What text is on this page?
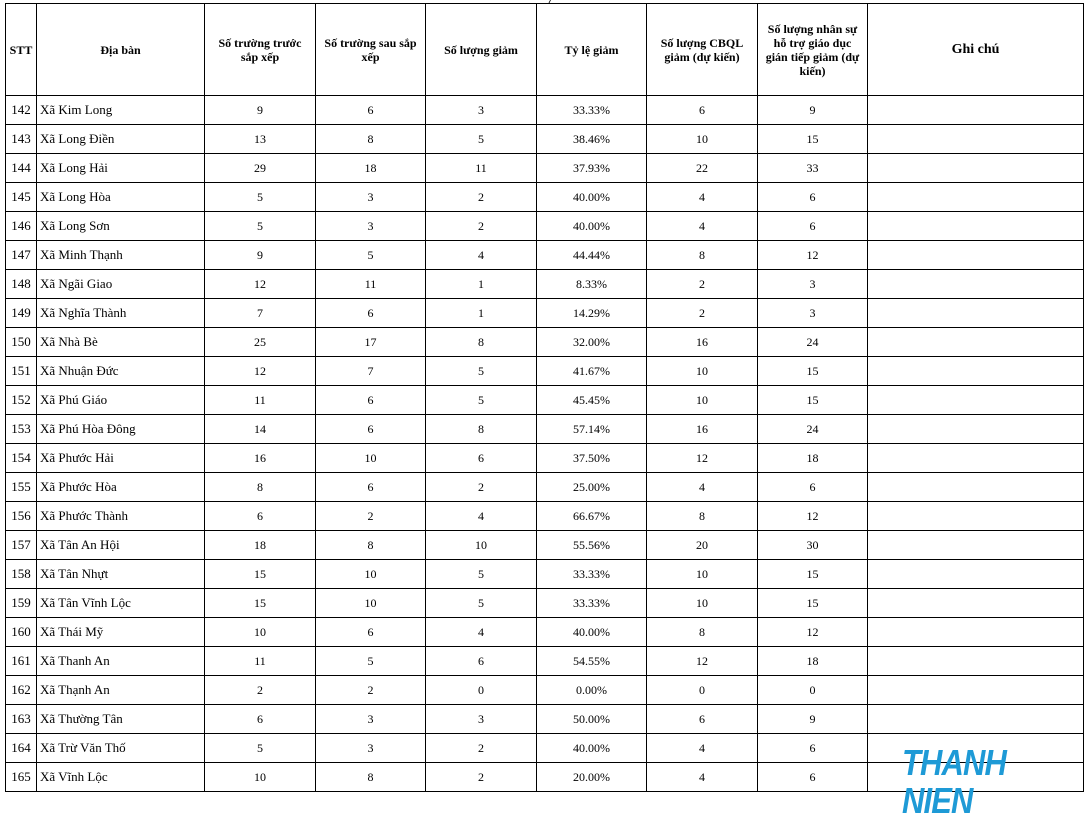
STT	Địa bàn	Số trường trước sắp xếp	Số trường sau sắp xếp	Số lượng giảm	Tỷ lệ giảm	Số lượng CBQL giảm (dự kiến)	Số lượng nhân sự hỗ trợ giáo dục gián tiếp giảm (dự kiến)	Ghi chú

142	Xã Kim Long	9	6	3	33.33%	6	9	
143	Xã Long Điền	13	8	5	38.46%	10	15	
144	Xã Long Hải	29	18	11	37.93%	22	33	
145	Xã Long Hòa	5	3	2	40.00%	4	6	
146	Xã Long Sơn	5	3	2	40.00%	4	6	
147	Xã Minh Thạnh	9	5	4	44.44%	8	12	
148	Xã Ngãi Giao	12	11	1	8.33%	2	3	
149	Xã Nghĩa Thành	7	6	1	14.29%	2	3	
150	Xã Nhà Bè	25	17	8	32.00%	16	24	
151	Xã Nhuận Đức	12	7	5	41.67%	10	15	
152	Xã Phú Giáo	11	6	5	45.45%	10	15	
153	Xã Phú Hòa Đông	14	6	8	57.14%	16	24	
154	Xã Phước Hải	16	10	6	37.50%	12	18	
155	Xã Phước Hòa	8	6	2	25.00%	4	6	
156	Xã Phước Thành	6	2	4	66.67%	8	12	
157	Xã Tân An Hội	18	8	10	55.56%	20	30	
158	Xã Tân Nhựt	15	10	5	33.33%	10	15	
159	Xã Tân Vĩnh Lộc	15	10	5	33.33%	10	15	
160	Xã Thái Mỹ	10	6	4	40.00%	8	12	
161	Xã Thanh An	11	5	6	54.55%	12	18	
162	Xã Thạnh An	2	2	0	0.00%	0	0	
163	Xã Thường Tân	6	3	3	50.00%	6	9	
164	Xã Trừ Văn Thố	5	3	2	40.00%	4	6	
165	Xã Vĩnh Lộc	10	8	2	20.00%	4	6	THANH NIEN
